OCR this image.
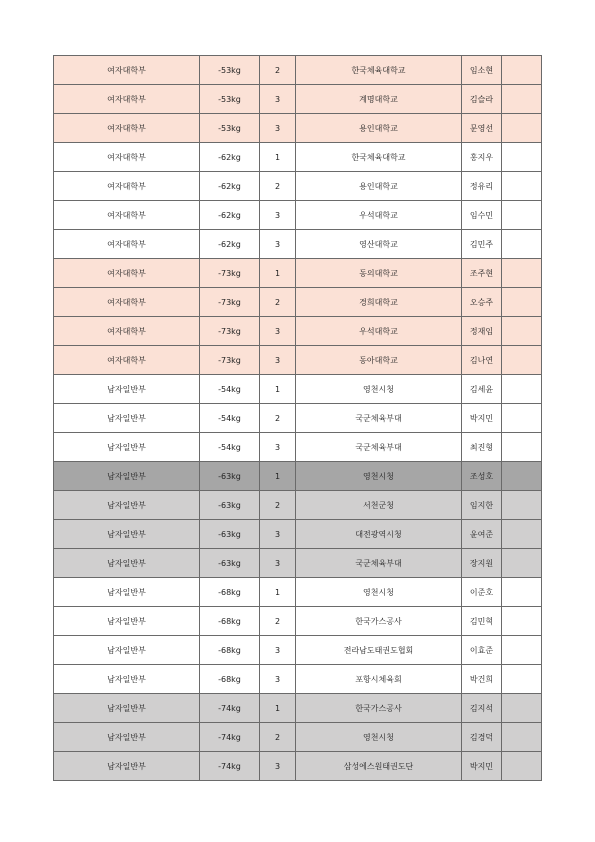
여자대학부	-53kg	2	한국체육대학교	임소현	
여자대학부	-53kg	3	계명대학교	김슬라	
여자대학부	-53kg	3	용인대학교	문영선	
여자대학부	-62kg	1	한국체육대학교	홍지우	
여자대학부	-62kg	2	용인대학교	정유리	
여자대학부	-62kg	3	우석대학교	임수민	
여자대학부	-62kg	3	영산대학교	김민주	
여자대학부	-73kg	1	동의대학교	조주현	
여자대학부	-73kg	2	경희대학교	오승주	
여자대학부	-73kg	3	우석대학교	정재임	
여자대학부	-73kg	3	동아대학교	김나연	
남자일반부	-54kg	1	영천시청	김세윤	
남자일반부	-54kg	2	국군체육부대	박지민	
남자일반부	-54kg	3	국군체육부대	최진형	
남자일반부	-63kg	1	영천시청	조성호	
남자일반부	-63kg	2	서천군청	임지한	
남자일반부	-63kg	3	대전광역시청	윤여준	
남자일반부	-63kg	3	국군체육부대	장지원	
남자일반부	-68kg	1	영천시청	이준호	
남자일반부	-68kg	2	한국가스공사	김민혁	
남자일반부	-68kg	3	전라남도태권도협회	이효준	
남자일반부	-68kg	3	포항시체육회	박건희	
남자일반부	-74kg	1	한국가스공사	김지석	
남자일반부	-74kg	2	영천시청	김경덕	
남자일반부	-74kg	3	삼성에스원태권도단	박지민	
